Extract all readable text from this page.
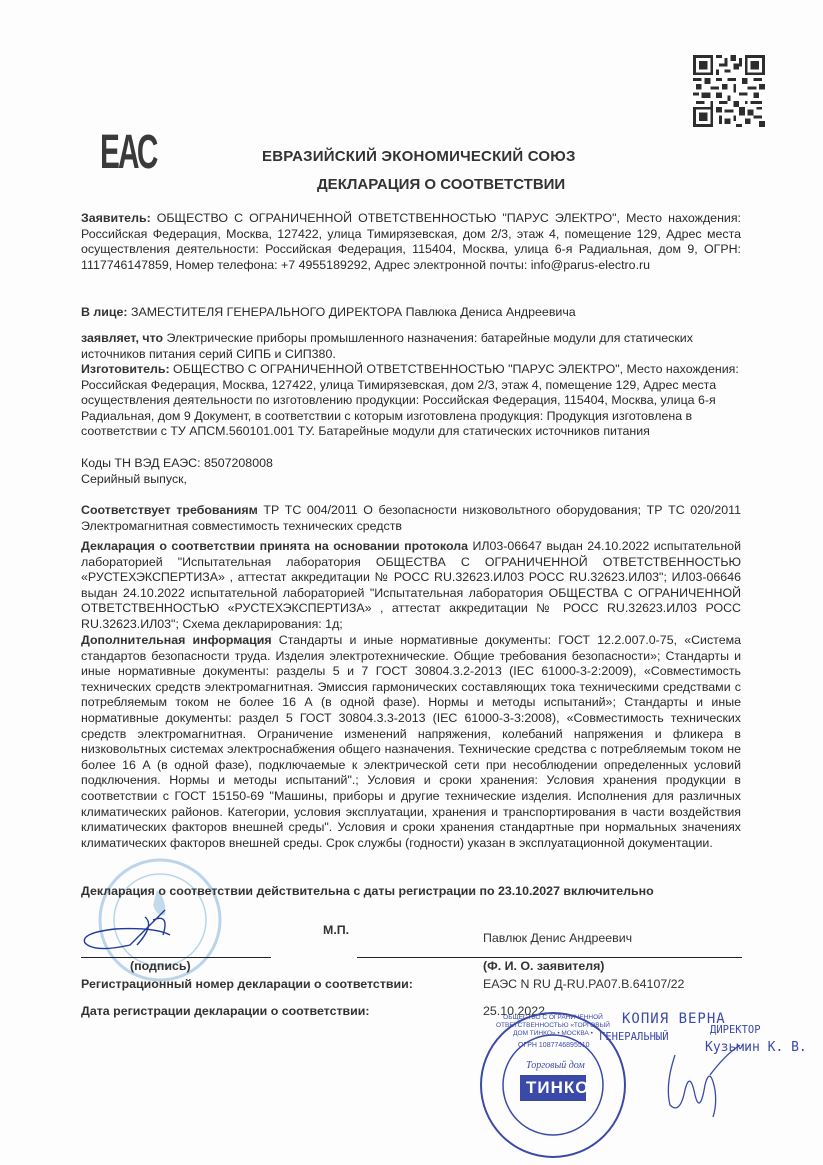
ЕАС	ЕВРАЗИЙСКИЙ ЭКОНОМИЧЕСКИЙ СОЮЗ
ДЕКЛАРАЦИЯ О СООТВЕТСТВИИ
Заявитель: ОБЩЕСТВО С ОГРАНИЧЕННОЙ ОТВЕТСТВЕННОСТЬЮ "ПАРУС ЭЛЕКТРО", Место нахождения: Российская Федерация, Москва, 127422, улица Тимирязевская, дом 2/3, этаж 4, помещение 129, Адрес места осуществления деятельности: Российская Федерация, 115404, Москва, улица 6-я Радиальная, дом 9, ОГРН: 1117746147859, Номер телефона: +7 4955189292, Адрес электронной почты: info@parus-electro.ru
В лице: ЗАМЕСТИТЕЛЯ ГЕНЕРАЛЬНОГО ДИРЕКТОРА Павлюка Дениса Андреевича
заявляет, что Электрические приборы промышленного назначения: батарейные модули для статических источников питания серий СИПБ и СИП380.
Изготовитель: ОБЩЕСТВО С ОГРАНИЧЕННОЙ ОТВЕТСТВЕННОСТЬЮ "ПАРУС ЭЛЕКТРО", Место нахождения: Российская Федерация, Москва, 127422, улица Тимирязевская, дом 2/3, этаж 4, помещение 129, Адрес места осуществления деятельности по изготовлению продукции: Российская Федерация, 115404, Москва, улица 6-я Радиальная, дом 9 Документ, в соответствии с которым изготовлена продукция: Продукция изготовлена в соответствии с ТУ АПСМ.560101.001 ТУ. Батарейные модули для статических источников питания
Коды ТН ВЭД ЕАЭС: 8507208008
Серийный выпуск,
Соответствует требованиям ТР ТС 004/2011 О безопасности низковольтного оборудования; ТР ТС 020/2011 Электромагнитная совместимость технических средств
Декларация о соответствии принята на основании протокола ИЛ03-06647 выдан 24.10.2022 испытательной лабораторией "Испытательная лаборатория ОБЩЕСТВА С ОГРАНИЧЕННОЙ ОТВЕТСТВЕННОСТЬЮ «РУСТЕХЭКСПЕРТИЗА» , аттестат аккредитации № РОСС RU.32623.ИЛ03 РОСС RU.32623.ИЛ03"; ИЛ03-06646 выдан 24.10.2022 испытательной лабораторией "Испытательная лаборатория ОБЩЕСТВА С ОГРАНИЧЕННОЙ ОТВЕТСТВЕННОСТЬЮ «РУСТЕХЭКСПЕРТИЗА» , аттестат аккредитации № РОСС RU.32623.ИЛ03 РОСС RU.32623.ИЛ03"; Схема декларирования: 1д;
Дополнительная информация Стандарты и иные нормативные документы: ГОСТ 12.2.007.0-75, «Система стандартов безопасности труда. Изделия электротехнические. Общие требования безопасности»; Стандарты и иные нормативные документы: разделы 5 и 7 ГОСТ 30804.3.2-2013 (IEC 61000-3-2:2009), «Совместимость технических средств электромагнитная. Эмиссия гармонических составляющих тока техническими средствами с потребляемым током не более 16 А (в одной фазе). Нормы и методы испытаний»; Стандарты и иные нормативные документы: раздел 5 ГОСТ 30804.3.3-2013 (IEC 61000-3-3:2008), «Совместимость технических средств электромагнитная. Ограничение изменений напряжения, колебаний напряжения и фликера в низковольтных системах электроснабжения общего назначения. Технические средства с потребляемым током не более 16 А (в одной фазе), подключаемые к электрической сети при несоблюдении определенных условий подключения. Нормы и методы испытаний".; Условия и сроки хранения: Условия хранения продукции в соответствии с ГОСТ 15150-69 "Машины, приборы и другие технические изделия. Исполнения для различных климатических районов. Категории, условия эксплуатации, хранения и транспортирования в части воздействия климатических факторов внешней среды". Условия и сроки хранения стандартные при нормальных значениях климатических факторов внешней среды. Срок службы (годности) указан в эксплуатационной документации.
Декларация о соответствии действительна с даты регистрации по 23.10.2027 включительно
М.П.
(подпись)
Павлюк Денис Андреевич
(Ф. И. О. заявителя)
Регистрационный номер декларации о соответствии:	ЕАЭС N RU Д-RU.РА07.В.64107/22
Дата регистрации декларации о соответствии:	25.10.2022
ОБЩЕСТВО С ОГРАНИЧЕННОЙ ОТВЕТСТВЕННОСТЬЮ «ТОРГОВЫЙ ДОМ ТИНКО» • МОСКВА •
ОГРН 1087746895510
Торговый дом
ТИНКО
КОПИЯ ВЕРНА
ГЕНЕРАЛЬНЫЙ
ДИРЕКТОР
Кузьмин К. В.
